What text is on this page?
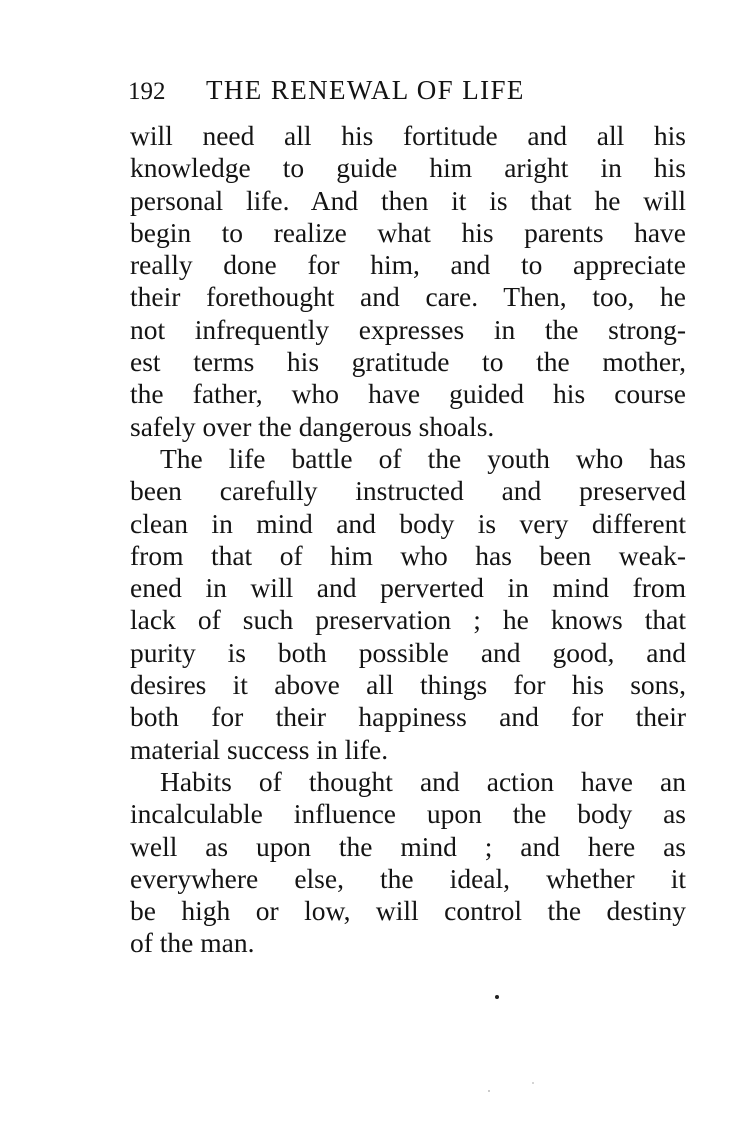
192 THE RENEWAL OF LIFE
will need all his fortitude and all his
knowledge to guide him aright in his
personal life. And then it is that he will
begin to realize what his parents have
really done for him, and to appreciate
their forethought and care. Then, too, he
not infrequently expresses in the strong-
est terms his gratitude to the mother,
the father, who have guided his course
safely over the dangerous shoals.
The life battle of the youth who has
been carefully instructed and preserved
clean in mind and body is very different
from that of him who has been weak-
ened in will and perverted in mind from
lack of such preservation ; he knows that
purity is both possible and good, and
desires it above all things for his sons,
both for their happiness and for their
material success in life.
Habits of thought and action have an
incalculable influence upon the body as
well as upon the mind ; and here as
everywhere else, the ideal, whether it
be high or low, will control the destiny
of the man.
